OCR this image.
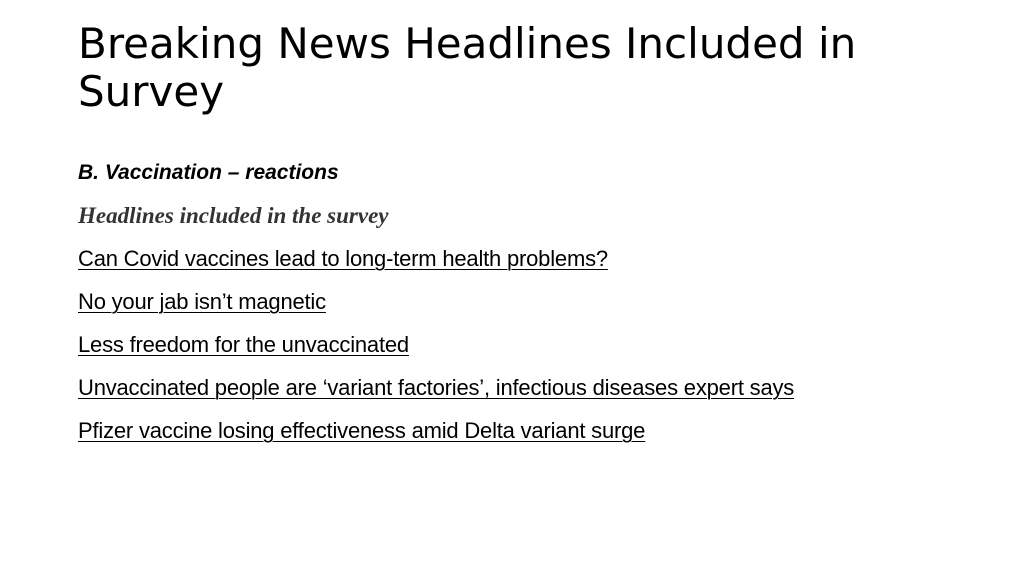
Breaking News Headlines Included in Survey
B. Vaccination – reactions
Headlines included in the survey
Can Covid vaccines lead to long-term health problems?
No your jab isn’t magnetic
Less freedom for the unvaccinated
Unvaccinated people are ‘variant factories’, infectious diseases expert says
Pfizer vaccine losing effectiveness amid Delta variant surge
